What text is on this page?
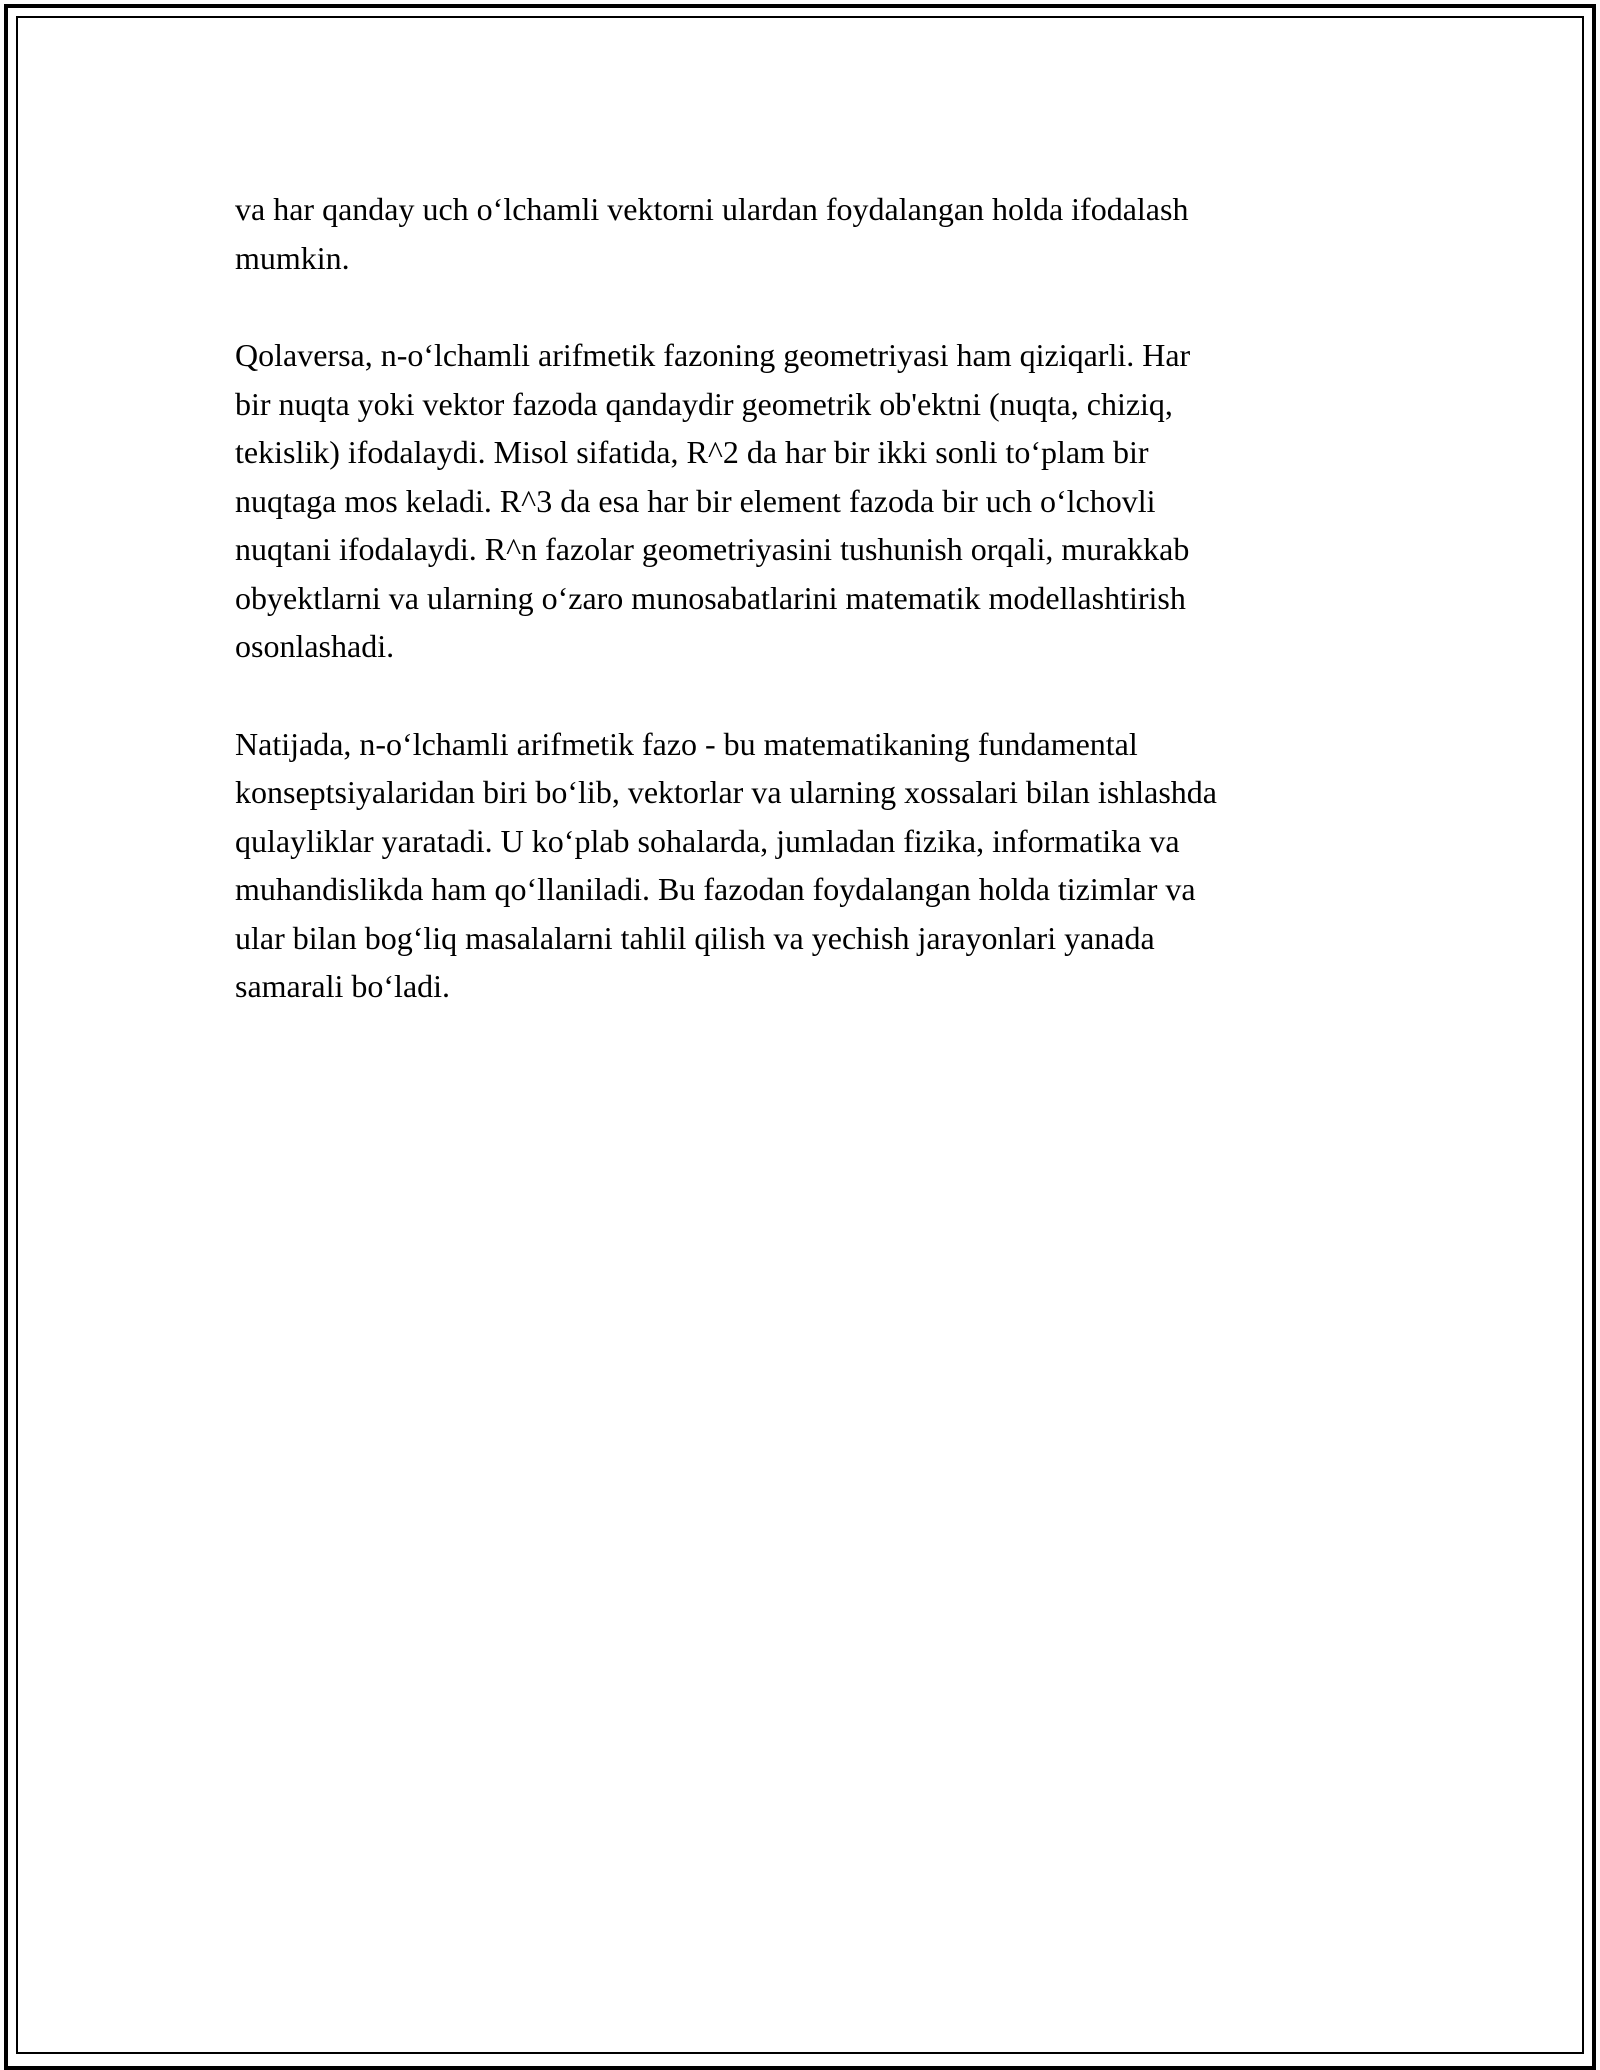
va har qanday uch o‘lchamli vektorni ulardan foydalangan holda ifodalash
mumkin.

Qolaversa, n-o‘lchamli arifmetik fazoning geometriyasi ham qiziqarli. Har
bir nuqta yoki vektor fazoda qandaydir geometrik ob'ektni (nuqta, chiziq,
tekislik) ifodalaydi. Misol sifatida, R^2 da har bir ikki sonli to‘plam bir
nuqtaga mos keladi. R^3 da esa har bir element fazoda bir uch o‘lchovli
nuqtani ifodalaydi. R^n fazolar geometriyasini tushunish orqali, murakkab
obyektlarni va ularning o‘zaro munosabatlarini matematik modellashtirish
osonlashadi.

Natijada, n-o‘lchamli arifmetik fazo - bu matematikaning fundamental
konseptsiyalaridan biri bo‘lib, vektorlar va ularning xossalari bilan ishlashda
qulayliklar yaratadi. U ko‘plab sohalarda, jumladan fizika, informatika va
muhandislikda ham qo‘llaniladi. Bu fazodan foydalangan holda tizimlar va
ular bilan bog‘liq masalalarni tahlil qilish va yechish jarayonlari yanada
samarali bo‘ladi.
